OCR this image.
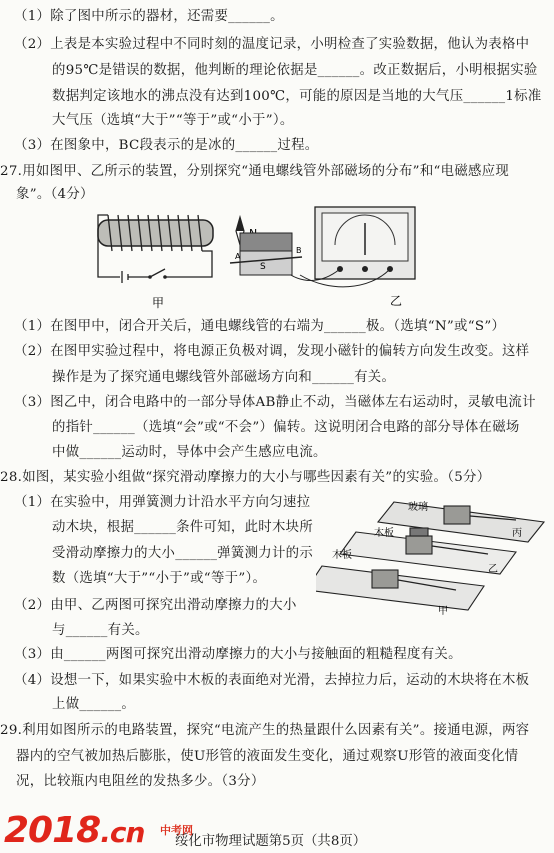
（1）除了图中所示的器材，还需要______。
（2）上表是本实验过程中不同时刻的温度记录，小明检查了实验数据，他认为表格中
的95℃是错误的数据，他判断的理论依据是______。改正数据后，小明根据实验
数据判定该地水的沸点没有达到100℃，可能的原因是当地的大气压______1标准
大气压（选填“大于”“等于”或“小于”）。
（3）在图象中，BC段表示的是冰的______过程。
27.用如图甲、乙所示的装置，分别探究“通电螺线管外部磁场的分布”和“电磁感应现
象”。（4分）
甲
S
A
B
乙
（1）在图甲中，闭合开关后，通电螺线管的右端为______极。（选填“N”或“S”）
（2）在图甲实验过程中，将电源正负极对调，发现小磁针的偏转方向发生改变。这样
操作是为了探究通电螺线管外部磁场方向和______有关。
（3）图乙中，闭合电路中的一部分导体AB静止不动，当磁体左右运动时，灵敏电流计
的指针______（选填“会”或“不会”）偏转。这说明闭合电路的部分导体在磁场
中做______运动时，导体中会产生感应电流。
28.如图，某实验小组做“探究滑动摩擦力的大小与哪些因素有关”的实验。（5分）
（1）在实验中，用弹簧测力计沿水平方向匀速拉
动木块，根据______条件可知，此时木块所
受滑动摩擦力的大小______弹簧测力计的示
数（选填“大于”“小于”或“等于”）。
（2）由甲、乙两图可探究出滑动摩擦力的大小
与______有关。
玻璃
木板
木板
丙
乙
甲
（3）由______两图可探究出滑动摩擦力的大小与接触面的粗糙程度有关。
（4）设想一下，如果实验中木板的表面绝对光滑，去掉拉力后，运动的木块将在木板
上做______。
29.利用如图所示的电路装置，探究“电流产生的热量跟什么因素有关”。接通电源，两容
器内的空气被加热后膨胀，使U形管的液面发生变化，通过观察U形管的液面变化情
况，比较瓶内电阻丝的发热多少。（3分）
2018.cn 中考网
绥化市物理试题第5页（共8页）
